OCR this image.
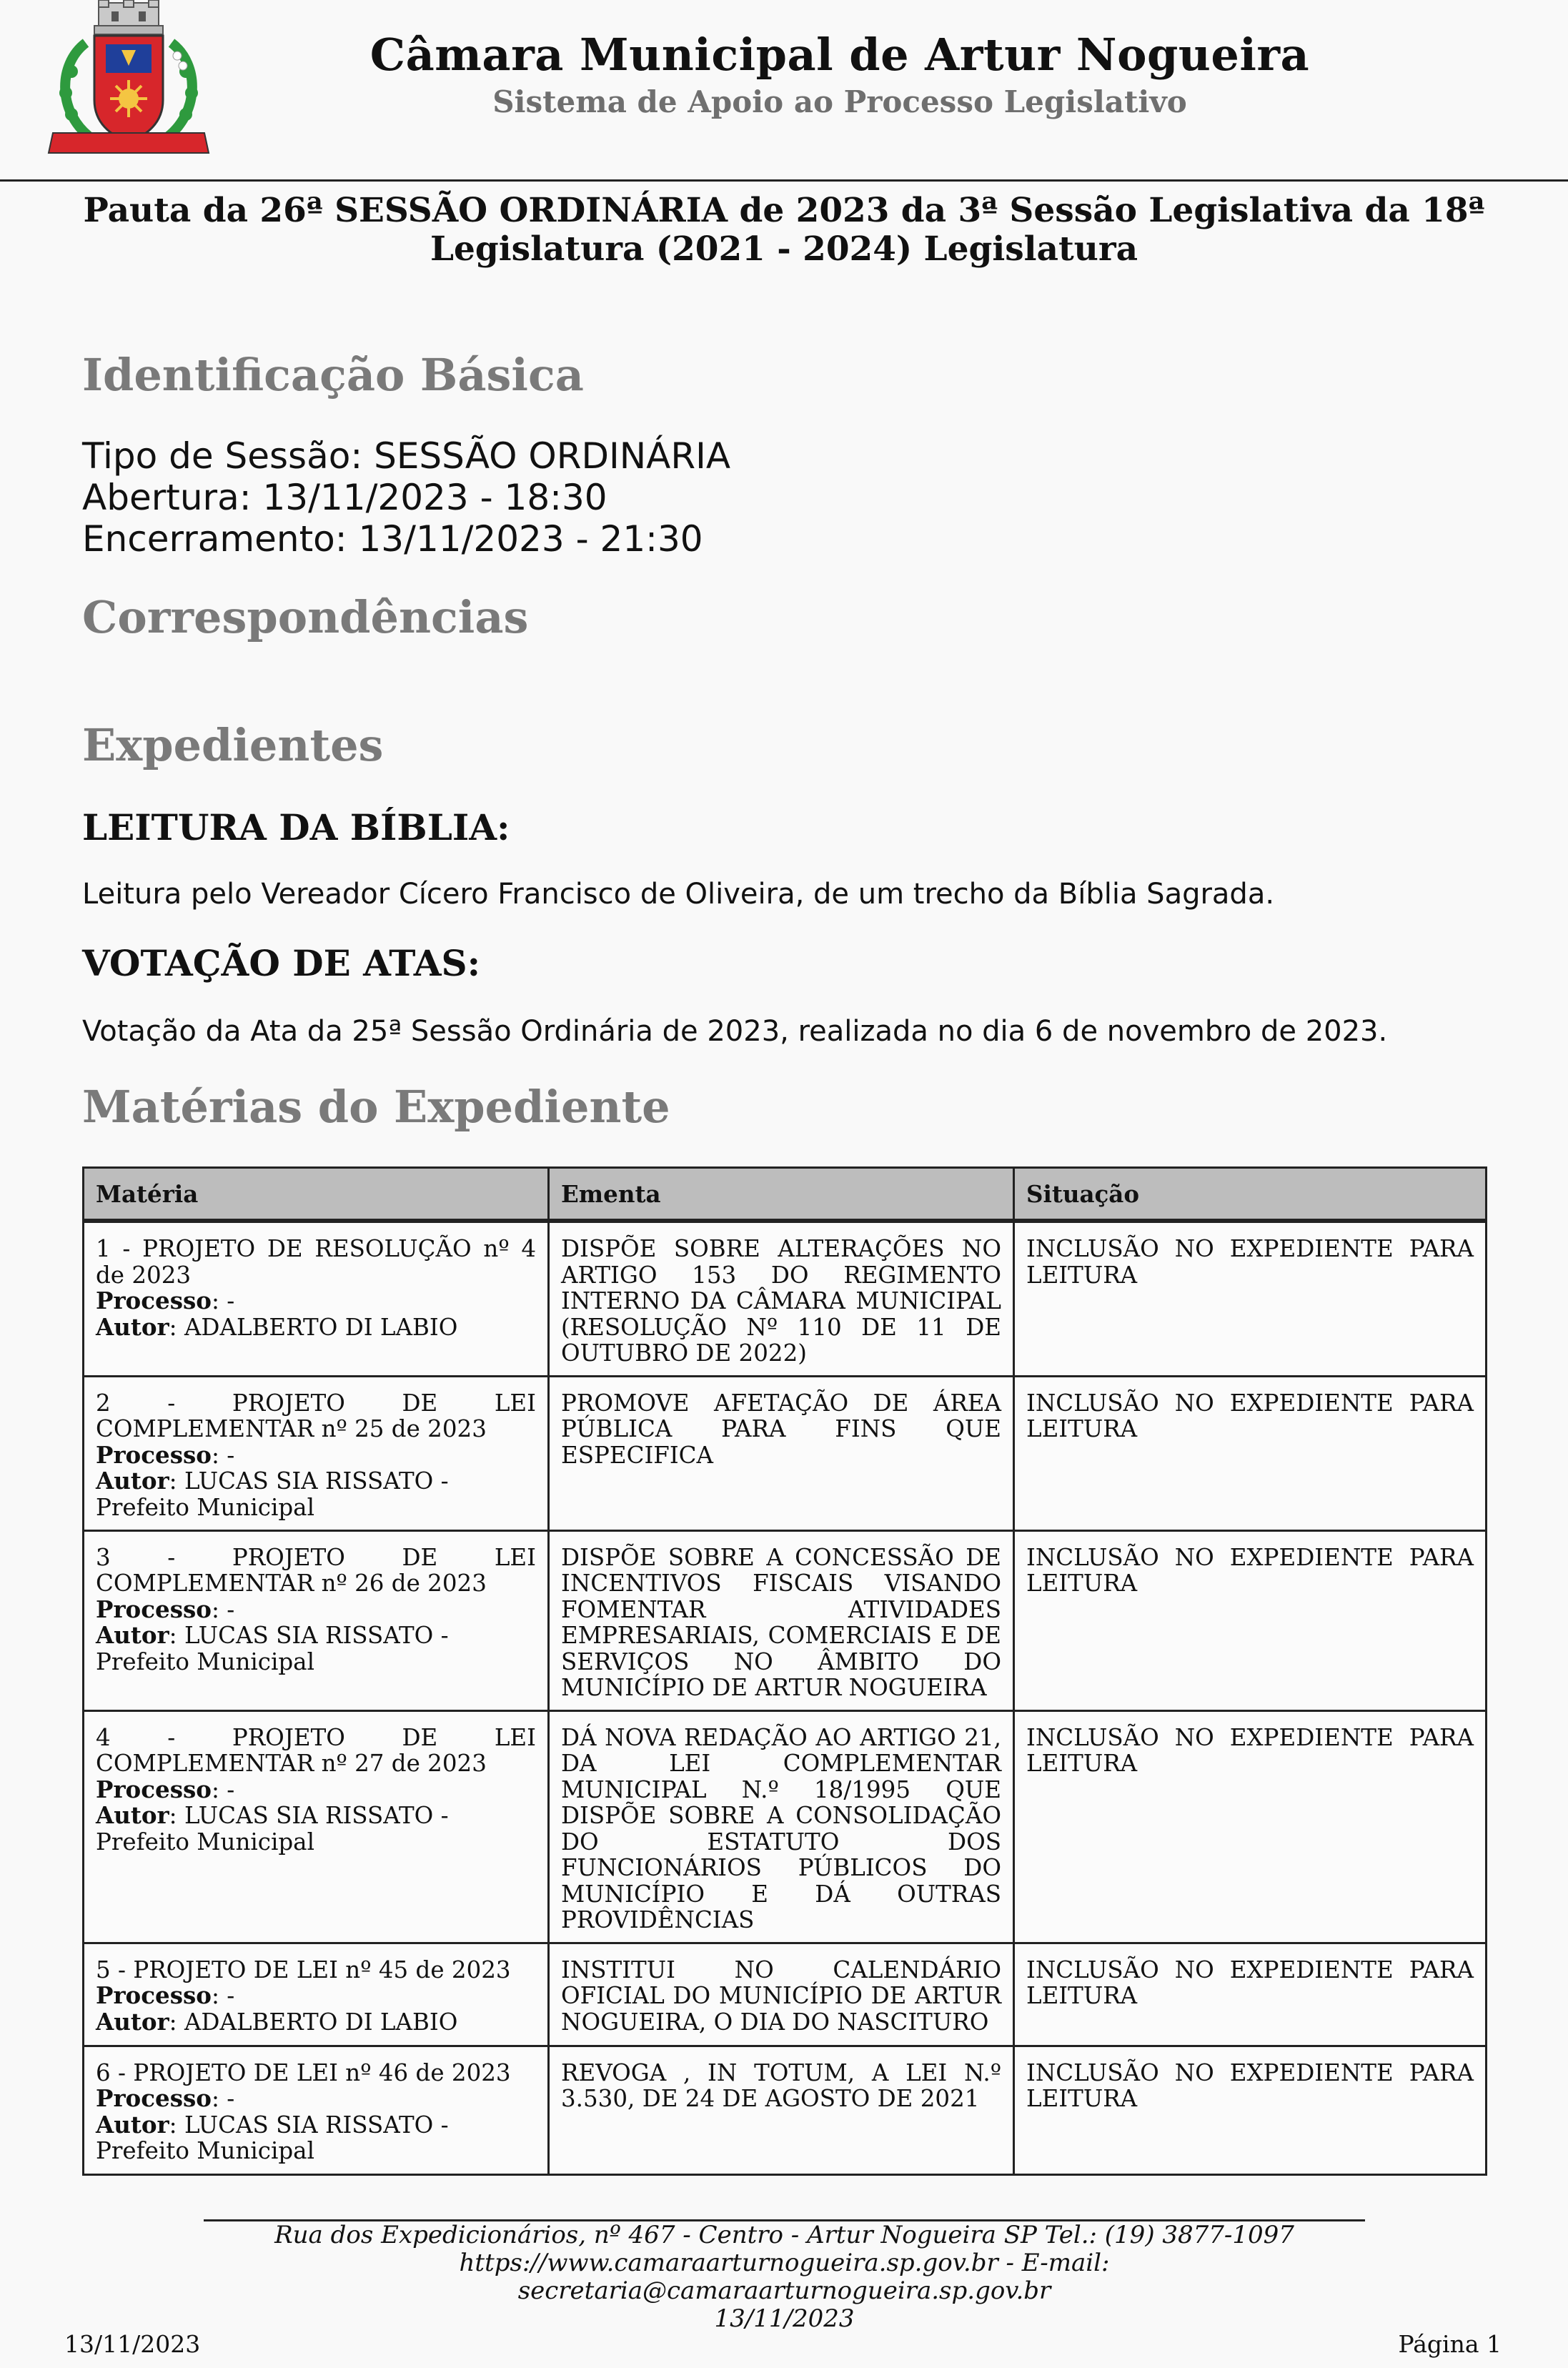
Câmara Municipal de Artur Nogueira
Sistema de Apoio ao Processo Legislativo
Pauta da 26ª SESSÃO ORDINÁRIA de 2023 da 3ª Sessão Legislativa da 18ª Legislatura (2021 - 2024) Legislatura
Identificação Básica
Tipo de Sessão: SESSÃO ORDINÁRIA
Abertura: 13/11/2023 - 18:30
Encerramento: 13/11/2023 - 21:30
Correspondências
Expedientes
LEITURA DA BÍBLIA:
Leitura pelo Vereador Cícero Francisco de Oliveira, de um trecho da Bíblia Sagrada.
VOTAÇÃO DE ATAS:
Votação da Ata da 25ª Sessão Ordinária de 2023, realizada no dia 6 de novembro de 2023.
Matérias do Expediente
Matéria	Ementa	Situação

1 - PROJETO DE RESOLUÇÃO nº 4 de 2023
Processo: -
Autor: ADALBERTO DI LABIO	DISPÕE SOBRE ALTERAÇÕES NO ARTIGO 153 DO REGIMENTO INTERNO DA CÂMARA MUNICIPAL (RESOLUÇÃO Nº 110 DE 11 DE OUTUBRO DE 2022)	INCLUSÃO NO EXPEDIENTE PARA LEITURA

2 - PROJETO DE LEI COMPLEMENTAR nº 25 de 2023
Processo: -
Autor: LUCAS SIA RISSATO - Prefeito Municipal	PROMOVE AFETAÇÃO DE ÁREA PÚBLICA PARA FINS QUE ESPECIFICA	INCLUSÃO NO EXPEDIENTE PARA LEITURA

3 - PROJETO DE LEI COMPLEMENTAR nº 26 de 2023
Processo: -
Autor: LUCAS SIA RISSATO - Prefeito Municipal	DISPÕE SOBRE A CONCESSÃO DE INCENTIVOS FISCAIS VISANDO FOMENTAR ATIVIDADES EMPRESARIAIS, COMERCIAIS E DE SERVIÇOS NO ÂMBITO DO MUNICÍPIO DE ARTUR NOGUEIRA	INCLUSÃO NO EXPEDIENTE PARA LEITURA

4 - PROJETO DE LEI COMPLEMENTAR nº 27 de 2023
Processo: -
Autor: LUCAS SIA RISSATO - Prefeito Municipal	DÁ NOVA REDAÇÃO AO ARTIGO 21, DA LEI COMPLEMENTAR MUNICIPAL N.º 18/1995 QUE DISPÕE SOBRE A CONSOLIDAÇÃO DO ESTATUTO DOS FUNCIONÁRIOS PÚBLICOS DO MUNICÍPIO E DÁ OUTRAS PROVIDÊNCIAS	INCLUSÃO NO EXPEDIENTE PARA LEITURA

5 - PROJETO DE LEI nº 45 de 2023
Processo: -
Autor: ADALBERTO DI LABIO	INSTITUI NO CALENDÁRIO OFICIAL DO MUNICÍPIO DE ARTUR NOGUEIRA, O DIA DO NASCITURO	INCLUSÃO NO EXPEDIENTE PARA LEITURA

6 - PROJETO DE LEI nº 46 de 2023
Processo: -
Autor: LUCAS SIA RISSATO - Prefeito Municipal	REVOGA , IN TOTUM, A LEI N.º 3.530, DE 24 DE AGOSTO DE 2021	INCLUSÃO NO EXPEDIENTE PARA LEITURA
Rua dos Expedicionários, nº 467 - Centro - Artur Nogueira SP Tel.: (19) 3877-1097 https://www.camaraarturnogueira.sp.gov.br - E-mail: secretaria@camaraarturnogueira.sp.gov.br
13/11/2023
13/11/2023	Página 1
